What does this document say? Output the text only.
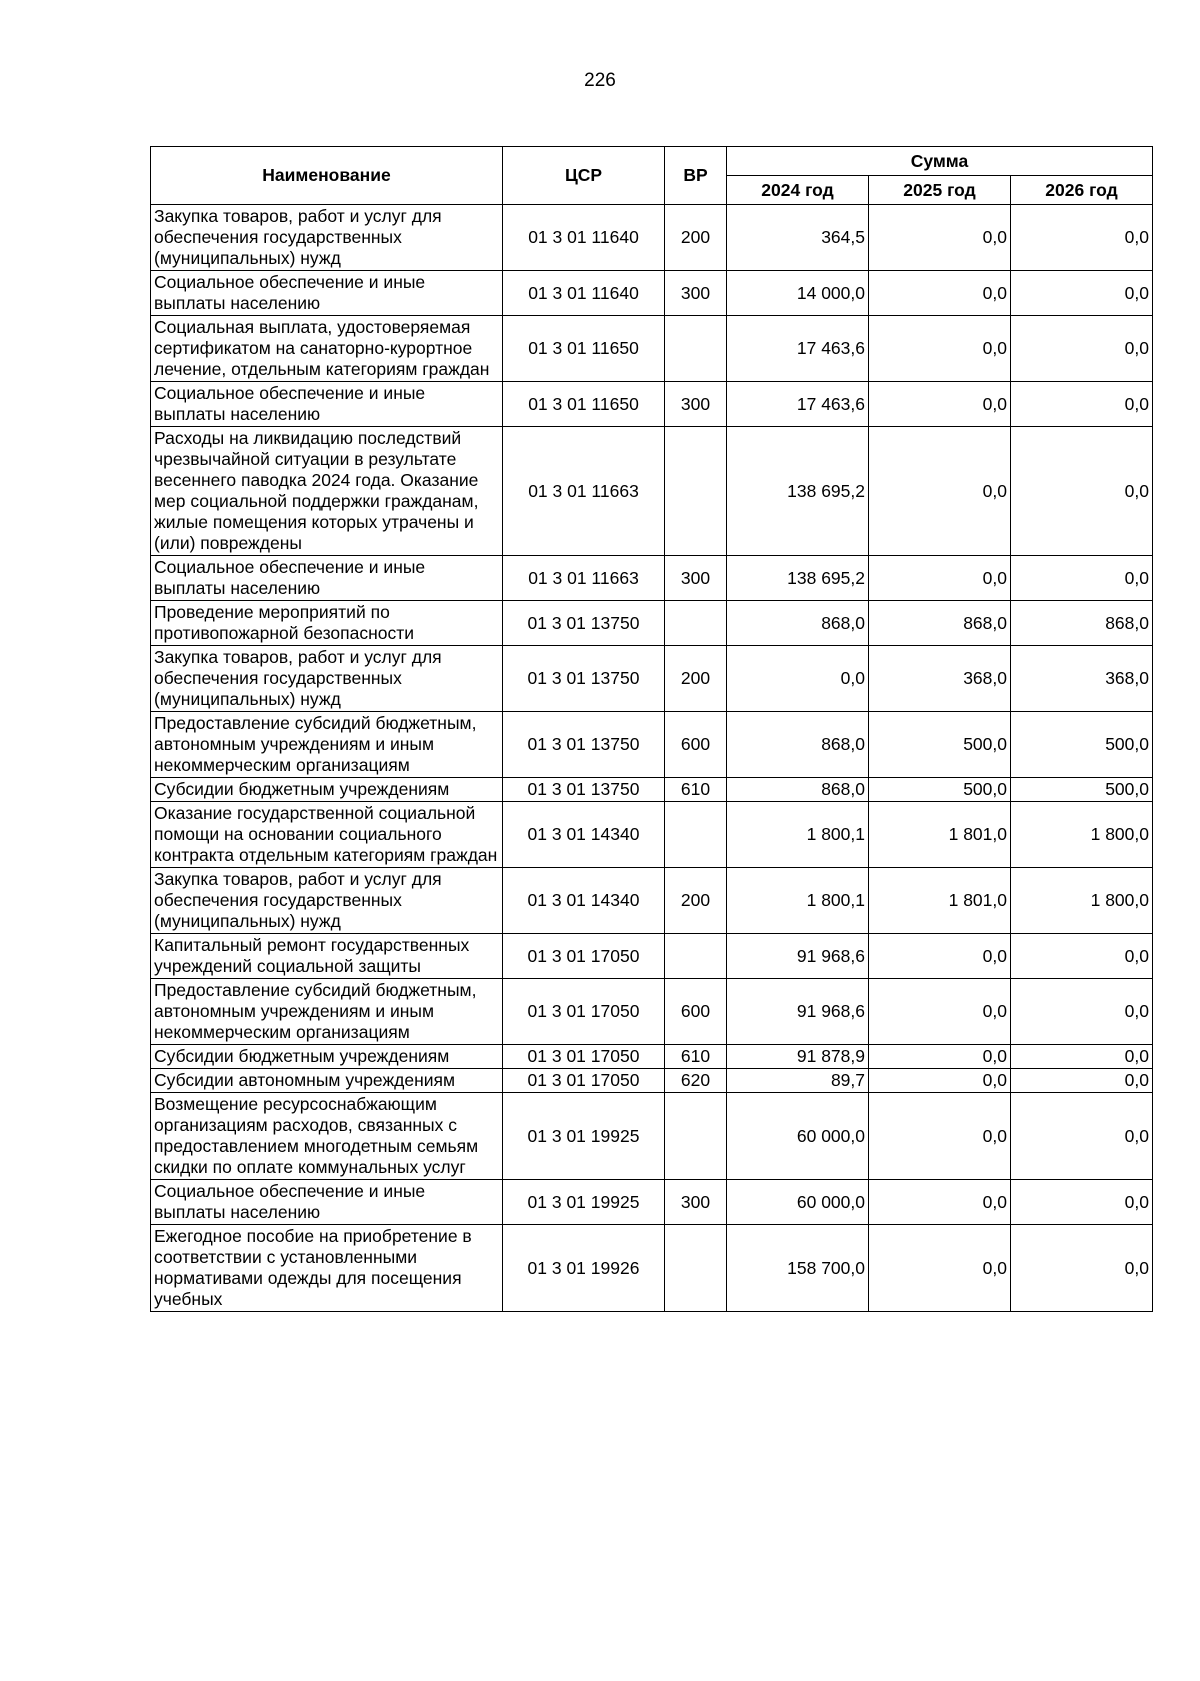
226
Наименование	ЦСР	ВР	Сумма		
			2024 год	2025 год	2026 год
Закупка товаров, работ и услуг для обеспечения государственных (муниципальных) нужд	01 3 01 11640	200	364,5	0,0	0,0
Социальное обеспечение и иные выплаты населению	01 3 01 11640	300	14 000,0	0,0	0,0
Социальная выплата, удостоверяемая сертификатом на санаторно-курортное лечение, отдельным категориям граждан	01 3 01 11650		17 463,6	0,0	0,0
Социальное обеспечение и иные выплаты населению	01 3 01 11650	300	17 463,6	0,0	0,0
Расходы на ликвидацию последствий чрезвычайной ситуации в результате весеннего паводка 2024 года. Оказание мер социальной поддержки гражданам, жилые помещения которых утрачены и (или) повреждены	01 3 01 11663		138 695,2	0,0	0,0
Социальное обеспечение и иные выплаты населению	01 3 01 11663	300	138 695,2	0,0	0,0
Проведение мероприятий по противопожарной безопасности	01 3 01 13750		868,0	868,0	868,0
Закупка товаров, работ и услуг для обеспечения государственных (муниципальных) нужд	01 3 01 13750	200	0,0	368,0	368,0
Предоставление субсидий бюджетным, автономным учреждениям и иным некоммерческим организациям	01 3 01 13750	600	868,0	500,0	500,0
Субсидии бюджетным учреждениям	01 3 01 13750	610	868,0	500,0	500,0
Оказание государственной социальной помощи на основании социального контракта отдельным категориям граждан	01 3 01 14340		1 800,1	1 801,0	1 800,0
Закупка товаров, работ и услуг для обеспечения государственных (муниципальных) нужд	01 3 01 14340	200	1 800,1	1 801,0	1 800,0
Капитальный ремонт государственных учреждений социальной защиты	01 3 01 17050		91 968,6	0,0	0,0
Предоставление субсидий бюджетным, автономным учреждениям и иным некоммерческим организациям	01 3 01 17050	600	91 968,6	0,0	0,0
Субсидии бюджетным учреждениям	01 3 01 17050	610	91 878,9	0,0	0,0
Субсидии автономным учреждениям	01 3 01 17050	620	89,7	0,0	0,0
Возмещение ресурсоснабжающим организациям расходов, связанных с предоставлением многодетным семьям скидки по оплате коммунальных услуг	01 3 01 19925		60 000,0	0,0	0,0
Социальное обеспечение и иные выплаты населению	01 3 01 19925	300	60 000,0	0,0	0,0
Ежегодное пособие на приобретение в соответствии с установленными нормативами одежды для посещения учебных	01 3 01 19926		158 700,0	0,0	0,0
